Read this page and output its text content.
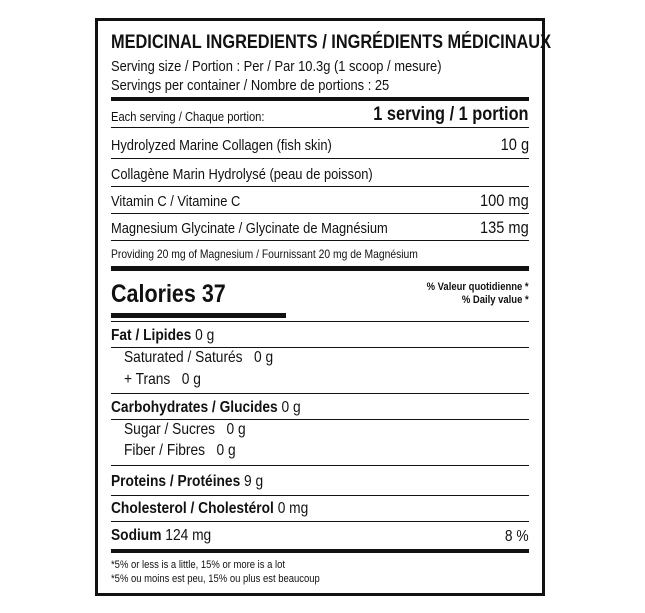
MEDICINAL INGREDIENTS / INGRÉDIENTS MÉDICINAUX
Serving size / Portion : Per / Par 10.3g (1 scoop / mesure)
Servings per container / Nombre de portions : 25
Each serving / Chaque portion:	1 serving / 1 portion
Hydrolyzed Marine Collagen (fish skin)	10 g
Collagène Marin Hydrolysé (peau de poisson)
Vitamin C / Vitamine C	100 mg
Magnesium Glycinate / Glycinate de Magnésium	135 mg
Providing 20 mg of Magnesium / Fournissant 20 mg de Magnésium
Calories 37	% Valeur quotidienne *
% Daily value *
Fat / Lipides 0 g
Saturated / Saturés   0 g
+ Trans   0 g
Carbohydrates / Glucides 0 g
Sugar / Sucres   0 g
Fiber / Fibres   0 g
Proteins / Protéines 9 g
Cholesterol / Cholestérol 0 mg
Sodium 124 mg	8 %
*5% or less is a little, 15% or more is a lot
*5% ou moins est peu, 15% ou plus est beaucoup
